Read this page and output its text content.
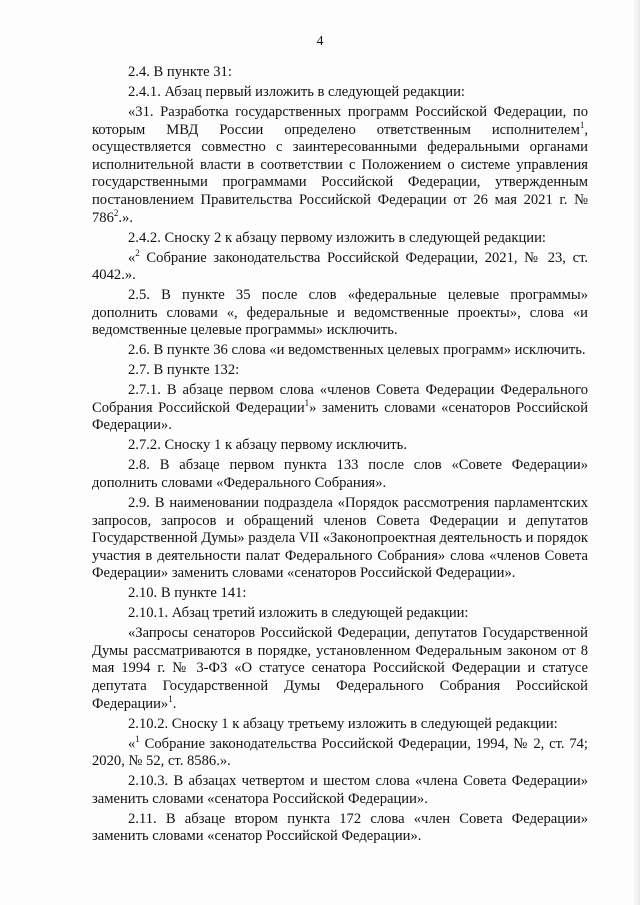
4

2.4. В пункте 31:

2.4.1. Абзац первый изложить в следующей редакции:

«31. Разработка государственных программ Российской Федерации, по которым МВД России определено ответственным исполнителем$^1$, осуществляется совместно с заинтересованными федеральными органами исполнительной власти в соответствии с Положением о системе управления государственными программами Российской Федерации, утвержденным постановлением Правительства Российской Федерации от 26 мая 2021 г. № $786^2$.».

2.4.2. Сноску 2 к абзацу первому изложить в следующей редакции:

«$^2$ Собрание законодательства Российской Федерации, 2021, № 23, ст. 4042.».

2.5. В пункте 35 после слов «федеральные целевые программы» дополнить словами «, федеральные и ведомственные проекты», слова «и ведомственные целевые программы» исключить.

2.6. В пункте 36 слова «и ведомственных целевых программ» исключить.

2.7. В пункте 132:

2.7.1. В абзаце первом слова «членов Совета Федерации Федерального Собрания Российской Федерации$^1$» заменить словами «сенаторов Российской Федерации».

2.7.2. Сноску 1 к абзацу первому исключить.

2.8. В абзаце первом пункта 133 после слов «Совете Федерации» дополнить словами «Федерального Собрания».

2.9. В наименовании подраздела «Порядок рассмотрения парламентских запросов, запросов и обращений членов Совета Федерации и депутатов Государственной Думы» раздела VII «Законопроектная деятельность и порядок участия в деятельности палат Федерального Собрания» слова «членов Совета Федерации» заменить словами «сенаторов Российской Федерации».

2.10. В пункте 141:

2.10.1. Абзац третий изложить в следующей редакции:

«Запросы сенаторов Российской Федерации, депутатов Государственной Думы рассматриваются в порядке, установленном Федеральным законом от 8 мая 1994 г. № 3-ФЗ «О статусе сенатора Российской Федерации и статусе депутата Государственной Думы Федерального Собрания Российской Федерации»$^1$.

2.10.2. Сноску 1 к абзацу третьему изложить в следующей редакции:

«$^1$ Собрание законодательства Российской Федерации, 1994, № 2, ст. 74; 2020, № 52, ст. 8586.».

2.10.3. В абзацах четвертом и шестом слова «члена Совета Федерации» заменить словами «сенатора Российской Федерации».

2.11. В абзаце втором пункта 172 слова «член Совета Федерации» заменить словами «сенатор Российской Федерации».
